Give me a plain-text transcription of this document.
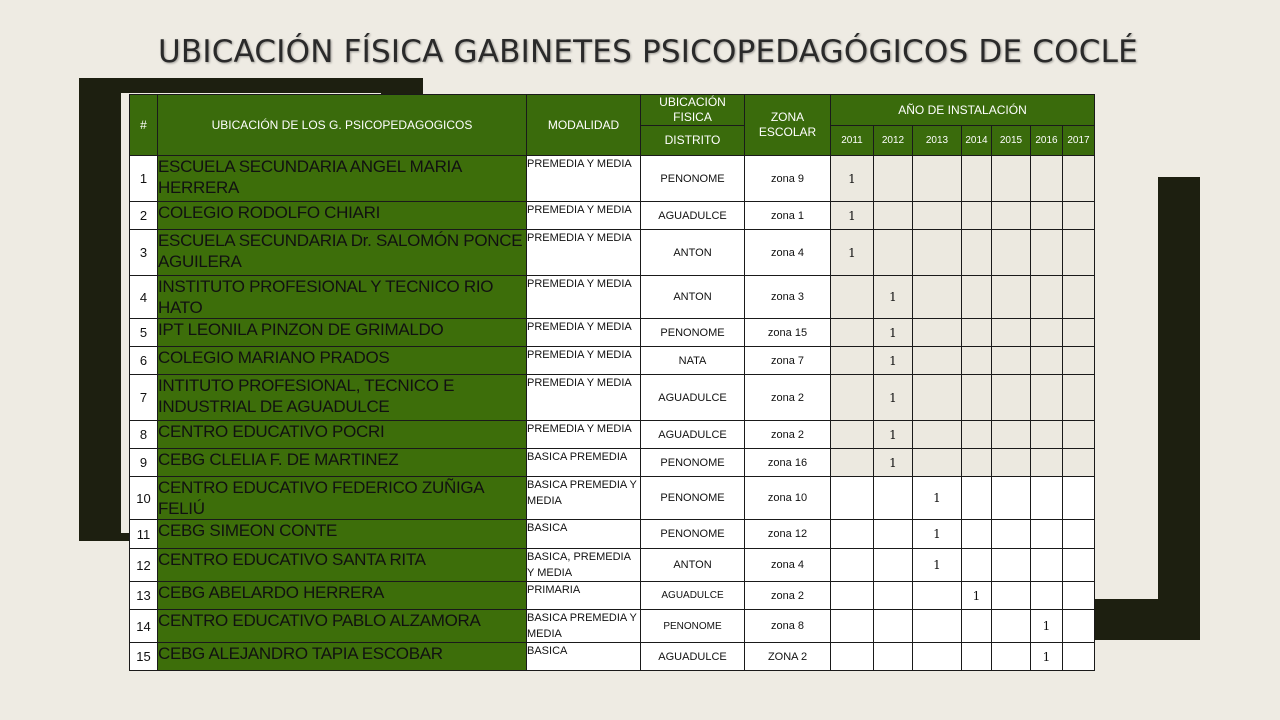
UBICACIÓN FÍSICA GABINETES PSICOPEDAGÓGICOS DE COCLÉ
#	UBICACIÓN DE LOS G. PSICOPEDAGOGICOS	MODALIDAD	UBICACIÓN FISICA	ZONA ESCOLAR	AÑO DE INSTALACIÓN						
			DISTRITO		2011	2012	2013	2014	2015	2016	2017
1	ESCUELA SECUNDARIA ANGEL MARIA HERRERA	PREMEDIA Y MEDIA	PENONOME	zona 9	1						
2	COLEGIO RODOLFO CHIARI	PREMEDIA Y MEDIA	AGUADULCE	zona 1	1						
3	ESCUELA SECUNDARIA Dr. SALOMÓN PONCE AGUILERA	PREMEDIA Y MEDIA	ANTON	zona 4	1						
4	INSTITUTO PROFESIONAL Y TECNICO RIO HATO	PREMEDIA Y MEDIA	ANTON	zona 3		1					
5	IPT LEONILA PINZON DE GRIMALDO	PREMEDIA Y MEDIA	PENONOME	zona 15		1					
6	COLEGIO MARIANO PRADOS	PREMEDIA Y MEDIA	NATA	zona 7		1					
7	INTITUTO PROFESIONAL, TECNICO E INDUSTRIAL DE AGUADULCE	PREMEDIA Y MEDIA	AGUADULCE	zona 2		1					
8	CENTRO EDUCATIVO POCRI	PREMEDIA Y MEDIA	AGUADULCE	zona 2		1					
9	CEBG CLELIA F. DE MARTINEZ	BASICA PREMEDIA	PENONOME	zona 16		1					
10	CENTRO EDUCATIVO FEDERICO ZUÑIGA FELIÚ	BASICA PREMEDIA Y MEDIA	PENONOME	zona 10			1				
11	CEBG SIMEON CONTE	BASICA	PENONOME	zona 12			1				
12	CENTRO EDUCATIVO SANTA RITA	BASICA, PREMEDIA Y MEDIA	ANTON	zona 4			1				
13	CEBG ABELARDO HERRERA	PRIMARIA	AGUADULCE	zona 2				1			
14	CENTRO EDUCATIVO PABLO ALZAMORA	BASICA PREMEDIA Y MEDIA	PENONOME	zona 8						1	
15	CEBG ALEJANDRO TAPIA ESCOBAR	BASICA	AGUADULCE	ZONA 2						1	
